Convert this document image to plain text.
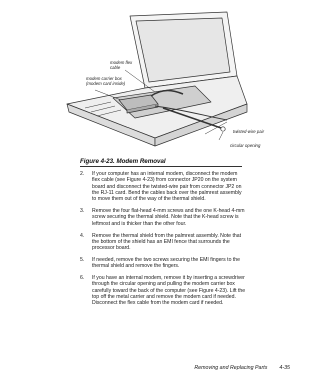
modem flex
cable
modem carrier box
(modem card inside)
twisted-wire pair
circular opening
Figure 4-23. Modem Removal
2. If your computer has an internal modem, disconnect the modem flex cable (see Figure 4-23) from connector JP20 on the system board and disconnect the twisted-wire pair from connector JP2 on the RJ-11 card. Bend the cables back over the palmrest assembly to move them out of the way of the thermal shield.
3. Remove the four flat-head 4-mm screws and the one K-head 4-mm screw securing the thermal shield. Note that the K-head screw is leftmost and is thicker than the other four.
4. Remove the thermal shield from the palmrest assembly. Note that the bottom of the shield has an EMI fence that surrounds the processor board.
5. If needed, remove the two screws securing the EMI fingers to the thermal shield and remove the fingers.
6. If you have an internal modem, remove it by inserting a screwdriver through the circular opening and pulling the modem carrier box carefully toward the back of the computer (see Figure 4-23). Lift the top off the metal carrier and remove the modem card if needed. Disconnect the flex cable from the modem card if needed.
Removing and Replacing Parts 4-35
